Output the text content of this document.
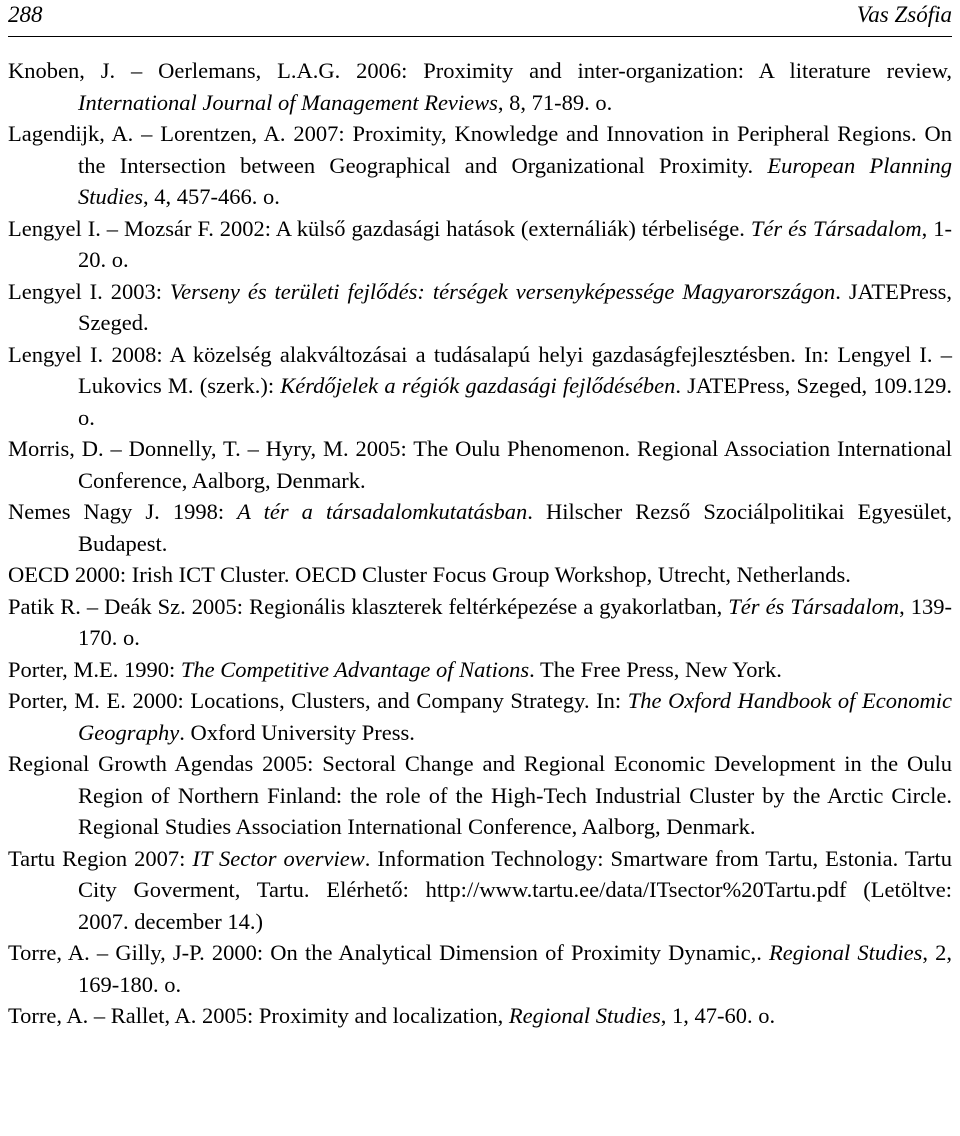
288	Vas Zsófia

Knoben, J. – Oerlemans, L.A.G. 2006: Proximity and inter-organization: A literature review, International Journal of Management Reviews, 8, 71-89. o.

Lagendijk, A. – Lorentzen, A. 2007: Proximity, Knowledge and Innovation in Peripheral Regions. On the Intersection between Geographical and Organizational Proximity. European Planning Studies, 4, 457-466. o.

Lengyel I. – Mozsár F. 2002: A külső gazdasági hatások (externáliák) térbelisége. Tér és Társadalom, 1-20. o.

Lengyel I. 2003: Verseny és területi fejlődés: térségek versenyképessége Magyarországon. JATEPress, Szeged.

Lengyel I. 2008: A közelség alakváltozásai a tudásalapú helyi gazdaságfejlesztésben. In: Lengyel I. – Lukovics M. (szerk.): Kérdőjelek a régiók gazdasági fejlődésében. JATEPress, Szeged, 109.129. o.

Morris, D. – Donnelly, T. – Hyry, M. 2005: The Oulu Phenomenon. Regional Association International Conference, Aalborg, Denmark.

Nemes Nagy J. 1998: A tér a társadalomkutatásban. Hilscher Rezső Szociálpolitikai Egyesület, Budapest.

OECD 2000: Irish ICT Cluster. OECD Cluster Focus Group Workshop, Utrecht, Netherlands.

Patik R. – Deák Sz. 2005: Regionális klaszterek feltérképezése a gyakorlatban, Tér és Társadalom, 139-170. o.

Porter, M.E. 1990: The Competitive Advantage of Nations. The Free Press, New York.

Porter, M. E. 2000: Locations, Clusters, and Company Strategy. In: The Oxford Handbook of Economic Geography. Oxford University Press.

Regional Growth Agendas 2005: Sectoral Change and Regional Economic Development in the Oulu Region of Northern Finland: the role of the High-Tech Industrial Cluster by the Arctic Circle. Regional Studies Association International Conference, Aalborg, Denmark.

Tartu Region 2007: IT Sector overview. Information Technology: Smartware from Tartu, Estonia. Tartu City Goverment, Tartu. Elérhető: http://www.tartu.ee/data/ITsector%20Tartu.pdf (Letöltve: 2007. december 14.)

Torre, A. – Gilly, J-P. 2000: On the Analytical Dimension of Proximity Dynamic,. Regional Studies, 2, 169-180. o.

Torre, A. – Rallet, A. 2005: Proximity and localization, Regional Studies, 1, 47-60. o.
